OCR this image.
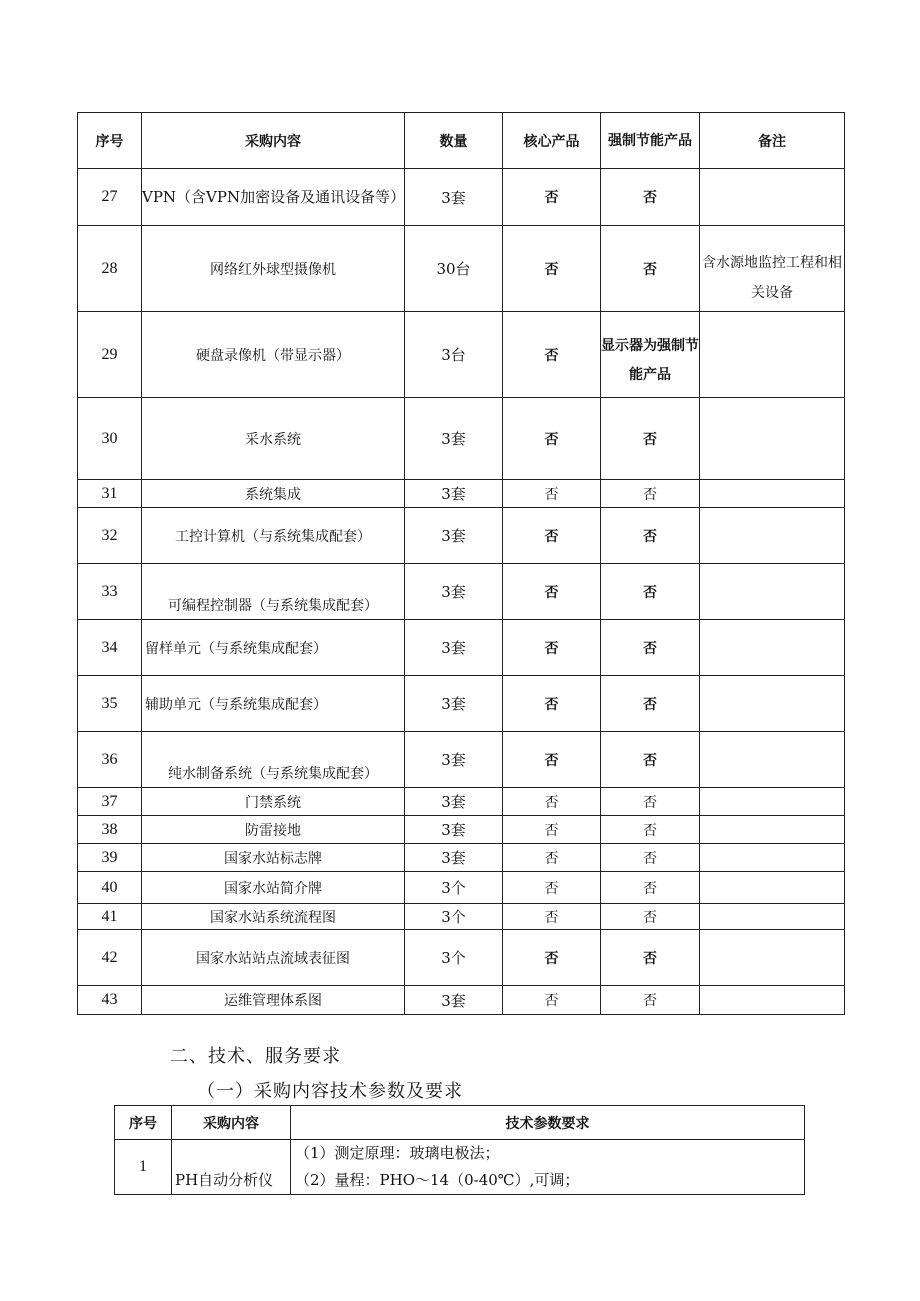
序号	采购内容	数量	核心产品	强制节能产品	备注
27	VPN（含VPN加密设备及通讯设备等）	3套	否	否	
28	网络红外球型摄像机	30台	否	否	含水源地监控工程和相关设备
29	硬盘录像机（带显示器）	3台	否	显示器为强制节能产品	
30	采水系统	3套	否	否	
31	系统集成	3套	否	否	
32	工控计算机（与系统集成配套）	3套	否	否	
33	可编程控制器（与系统集成配套）	3套	否	否	
34	留样单元（与系统集成配套）	3套	否	否	
35	辅助单元（与系统集成配套）	3套	否	否	
36	纯水制备系统（与系统集成配套）	3套	否	否	
37	门禁系统	3套	否	否	
38	防雷接地	3套	否	否	
39	国家水站标志牌	3套	否	否	
40	国家水站简介牌	3个	否	否	
41	国家水站系统流程图	3个	否	否	
42	国家水站站点流域表征图	3个	否	否	
43	运维管理体系图	3套	否	否	
二、技术、服务要求
（一）采购内容技术参数及要求
序号	采购内容	技术参数要求
1	PH自动分析仪	（1）测定原理：玻璃电极法；
（2）量程：PHO～14（0-40℃）,可调；
